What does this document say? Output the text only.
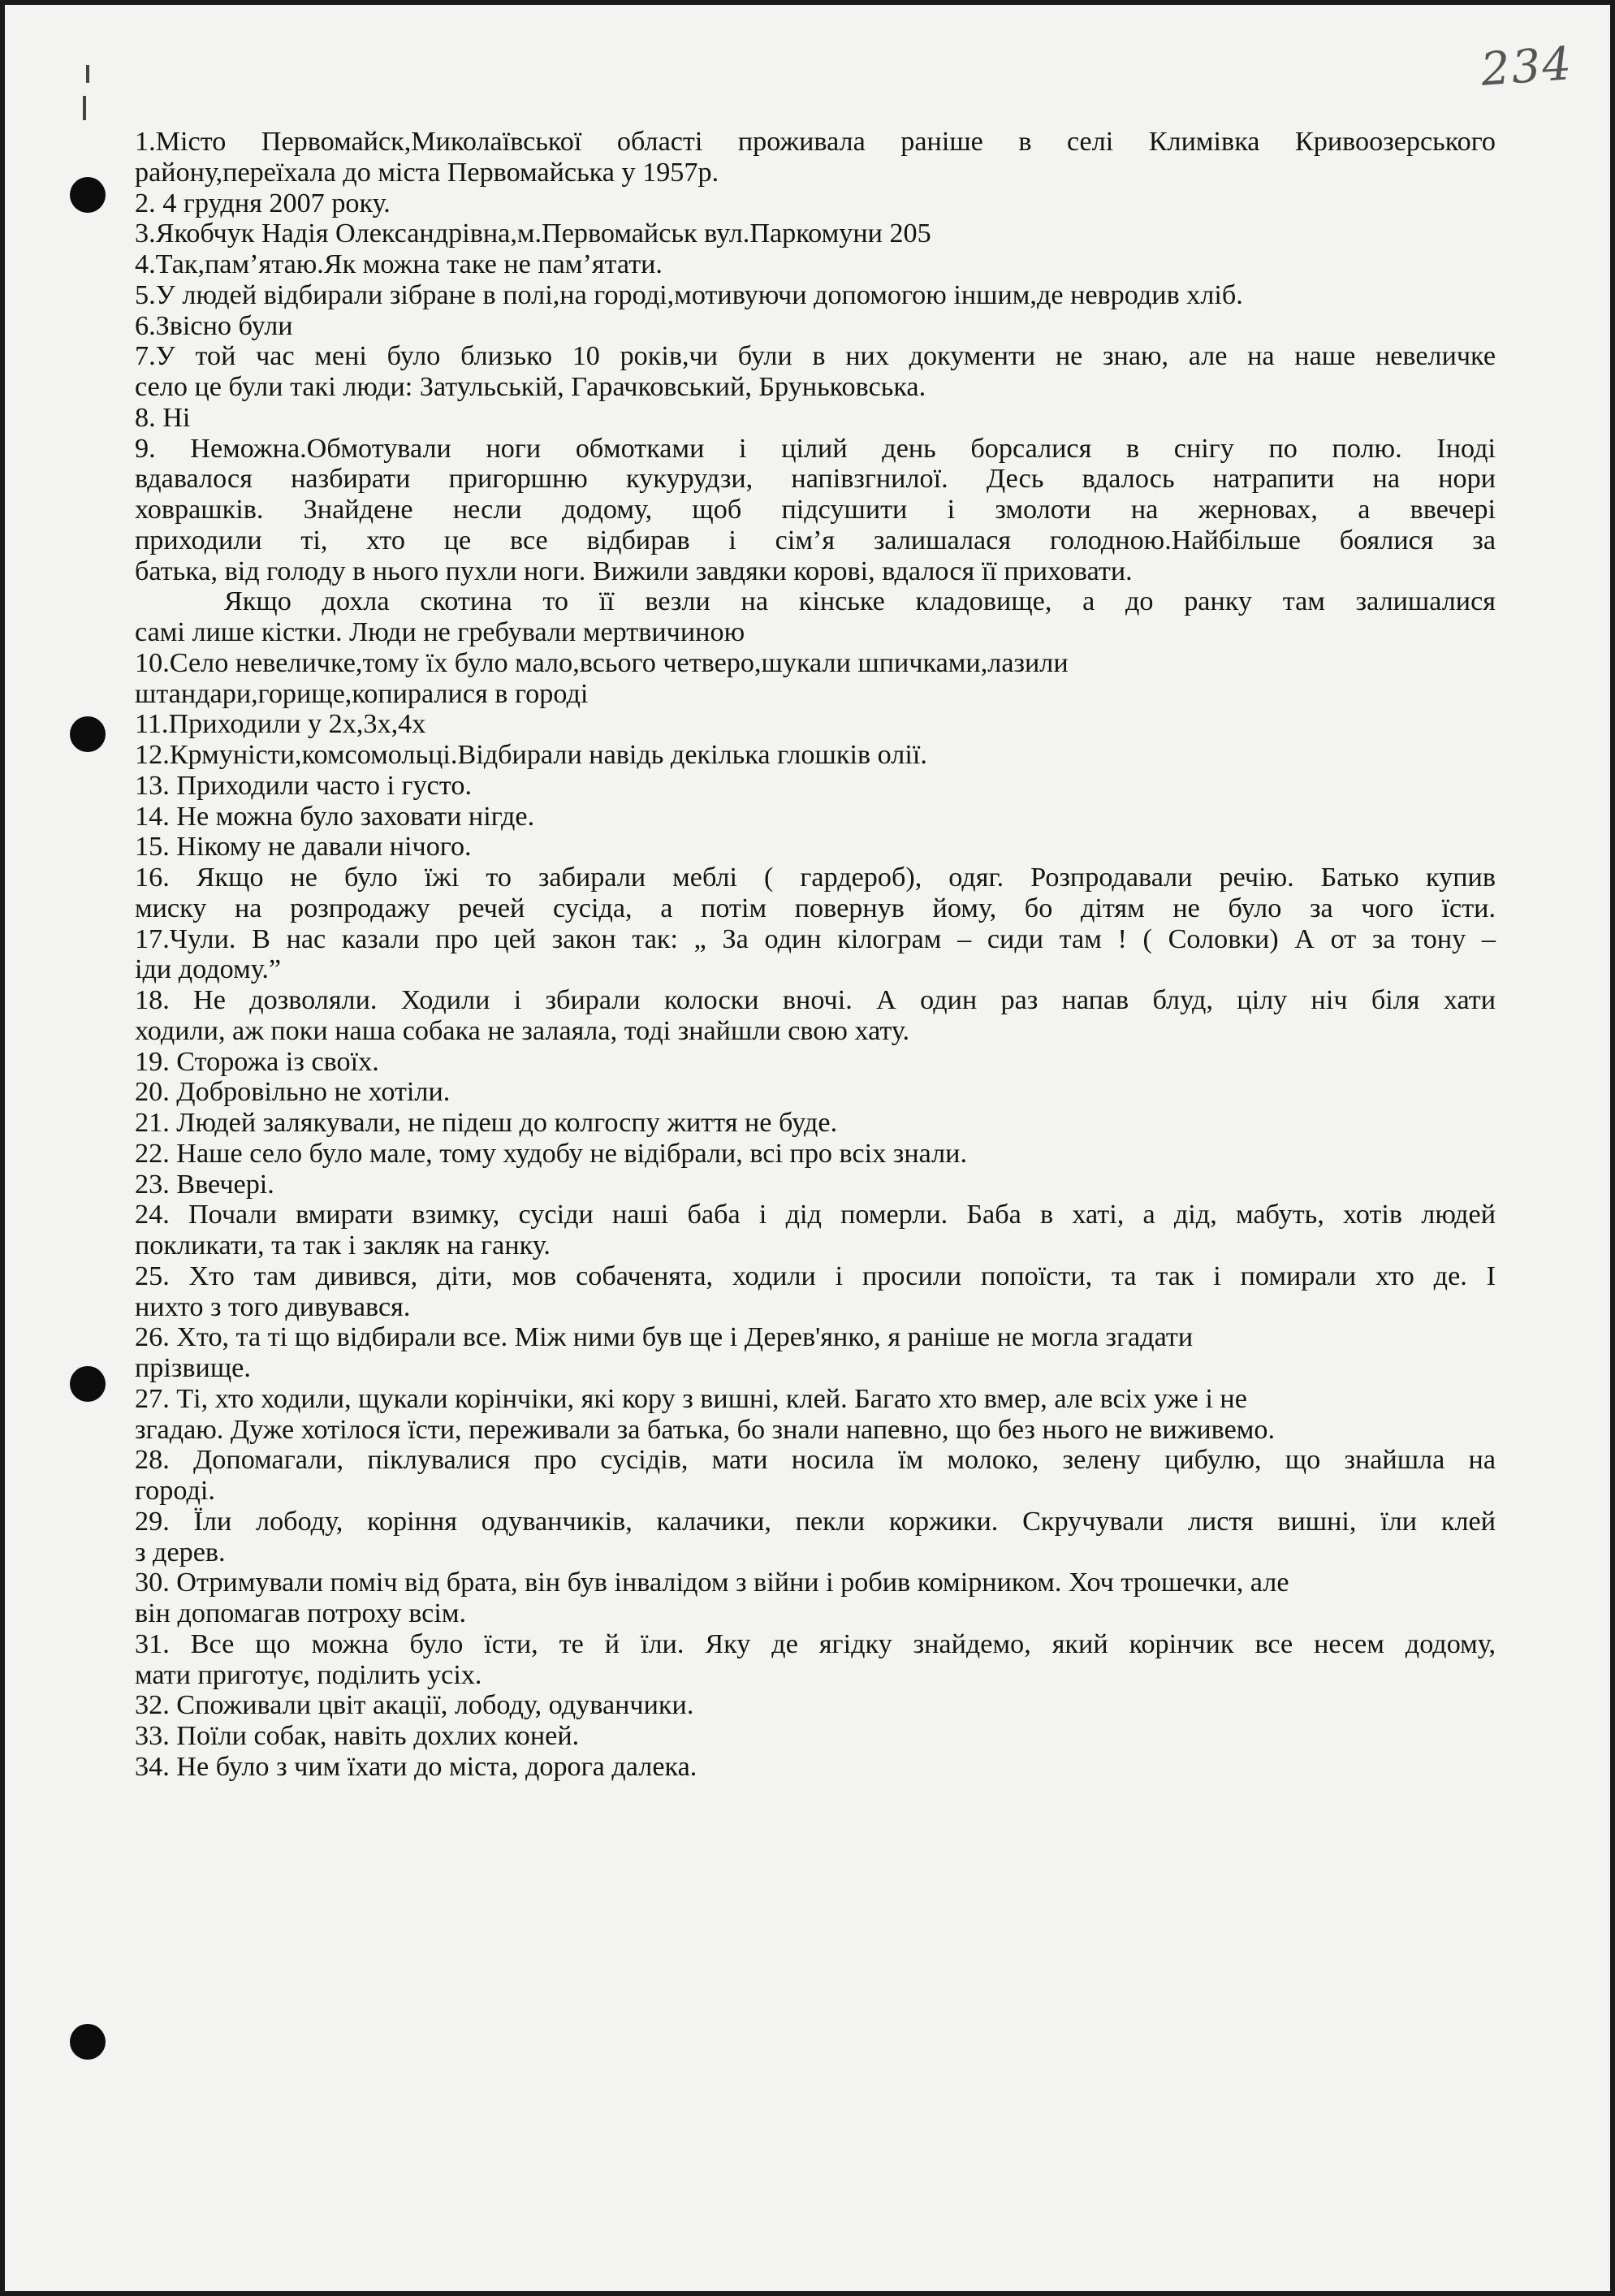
234
1.Місто Первомайск,Миколаївської області проживала раніше в селі Климівка Кривоозерського
району,переїхала до міста Первомайська у 1957р.
2. 4 грудня 2007 року.
3.Якобчук Надія Олександрівна,м.Первомайськ вул.Паркомуни 205
4.Так,пам’ятаю.Як можна таке не пам’ятати.
5.У людей відбирали зібране в полі,на городі,мотивуючи допомогою іншим,де невродив хліб.
6.Звісно були
7.У той час мені було близько 10 років,чи були в них документи не знаю, але на наше невеличке
село це були такі люди: Затульській, Гарачковський, Бруньковська.
8. Ні
9. Неможна.Обмотували ноги обмотками і цілий день борсалися в снігу по полю. Іноді
вдавалося назбирати пригоршню кукурудзи, напівзгнилої. Десь вдалось натрапити на нори
ховрашків. Знайдене несли додому, щоб підсушити і змолоти на жерновах, а ввечері
приходили ті, хто це все відбирав і сім’я залишалася голодною.Найбільше боялися за
батька, від голоду в нього пухли ноги. Вижили завдяки корові, вдалося її приховати.
Якщо дохла скотина то її везли на кінське кладовище, а до ранку там залишалися
самі лише кістки. Люди не гребували мертвичиною
10.Село невеличке,тому їх було мало,всього четверо,шукали шпичками,лазили
штандари,горище,копиралися в городі
11.Приходили у 2х,3х,4х
12.Крмуністи,комсомольці.Відбирали навідь декілька глошків олії.
13. Приходили часто і густо.
14. Не можна було заховати нігде.
15. Нікому не давали нічого.
16. Якщо не було їжі то забирали меблі ( гардероб), одяг. Розпродавали речію. Батько купив
миску на розпродажу речей сусіда, а потім повернув йому, бо дітям не було за чого їсти.
17.Чули. В нас казали про цей закон так: „ За один кілограм – сиди там ! ( Соловки) А от за тону –
іди додому.”
18. Не дозволяли. Ходили і збирали колоски вночі. А один раз напав блуд, цілу ніч біля хати
ходили, аж поки наша собака не залаяла, тоді знайшли свою хату.
19. Сторожа із своїх.
20. Добровільно не хотіли.
21. Людей залякували, не підеш до колгоспу життя не буде.
22. Наше село було мале, тому худобу не відібрали, всі про всіх знали.
23. Ввечері.
24. Почали вмирати взимку, сусіди наші баба і дід померли. Баба в хаті, а дід, мабуть, хотів людей
покликати, та так і закляк на ганку.
25. Хто там дивився, діти, мов собаченята, ходили і просили попоїсти, та так і помирали хто де. І
нихто з того дивувався.
26. Хто, та ті що відбирали все. Між ними був ще і Дерев'янко, я раніше не могла згадати
прізвище.
27. Ті, хто ходили, щукали корінчіки, які кору з вишні, клей. Багато хто вмер, але всіх уже і не
згадаю. Дуже хотілося їсти, переживали за батька, бо знали напевно, що без нього не виживемо.
28. Допомагали, піклувалися про сусідів, мати носила їм молоко, зелену цибулю, що знайшла на
городі.
29. Їли лободу, коріння одуванчиків, калачики, пекли коржики. Скручували листя вишні, їли клей
з дерев.
30. Отримували поміч від брата, він був інвалідом з війни і робив комірником. Хоч трошечки, але
він допомагав потроху всім.
31. Все що можна було їсти, те й їли. Яку де ягідку знайдемо, який корінчик все несем додому,
мати приготує, поділить усіх.
32. Споживали цвіт акації, лободу, одуванчики.
33. Поїли собак, навіть дохлих коней.
34. Не було з чим їхати до міста, дорога далека.
